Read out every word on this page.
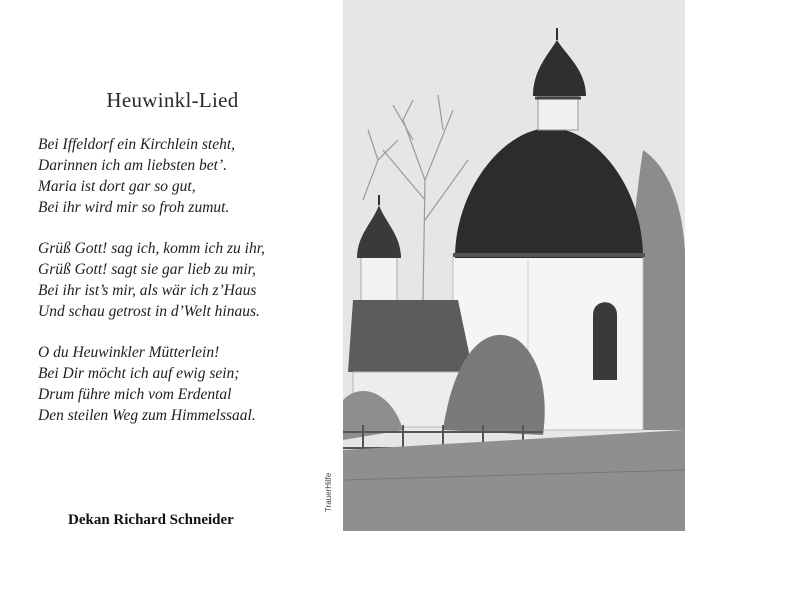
Heuwinkl-Lied
Bei Iffeldorf ein Kirchlein steht,
Darinnen ich am liebsten bet’.
Maria ist dort gar so gut,
Bei ihr wird mir so froh zumut.
Grüß Gott! sag ich, komm ich zu ihr,
Grüß Gott! sagt sie gar lieb zu mir,
Bei ihr ist’s mir, als wär ich z’Haus
Und schau getrost in d’Welt hinaus.
O du Heuwinkler Mütterlein!
Bei Dir möcht ich auf ewig sein;
Drum führe mich vom Erdental
Den steilen Weg zum Himmelssaal.
Dekan Richard Schneider
TrauerHilfe
